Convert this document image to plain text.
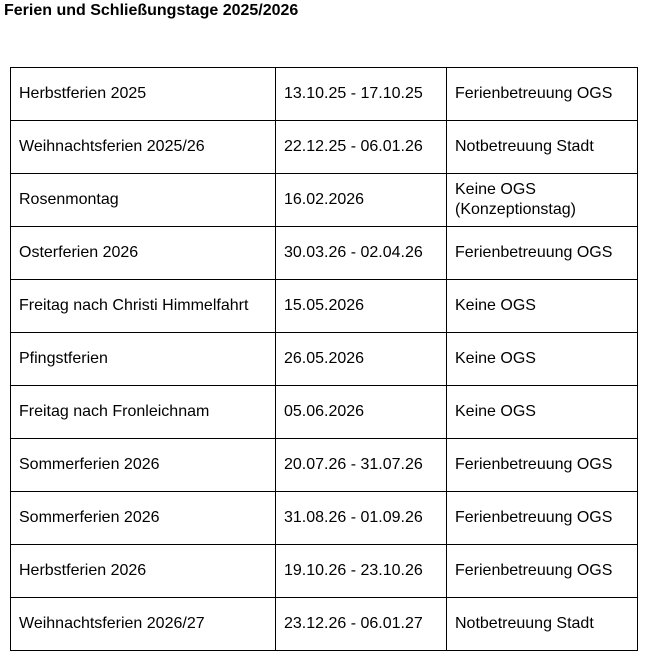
Ferien und Schließungstage 2025/2026
Herbstferien 2025	13.10.25 - 17.10.25	Ferienbetreuung OGS
Weihnachtsferien 2025/26	22.12.25 - 06.01.26	Notbetreuung Stadt
Rosenmontag	16.02.2026	Keine OGS (Konzeptionstag)
Osterferien 2026	30.03.26 - 02.04.26	Ferienbetreuung OGS
Freitag nach Christi Himmelfahrt	15.05.2026	Keine OGS
Pfingstferien	26.05.2026	Keine OGS
Freitag nach Fronleichnam	05.06.2026	Keine OGS
Sommerferien 2026	20.07.26 - 31.07.26	Ferienbetreuung OGS
Sommerferien 2026	31.08.26 - 01.09.26	Ferienbetreuung OGS
Herbstferien 2026	19.10.26 - 23.10.26	Ferienbetreuung OGS
Weihnachtsferien 2026/27	23.12.26 - 06.01.27	Notbetreuung Stadt
